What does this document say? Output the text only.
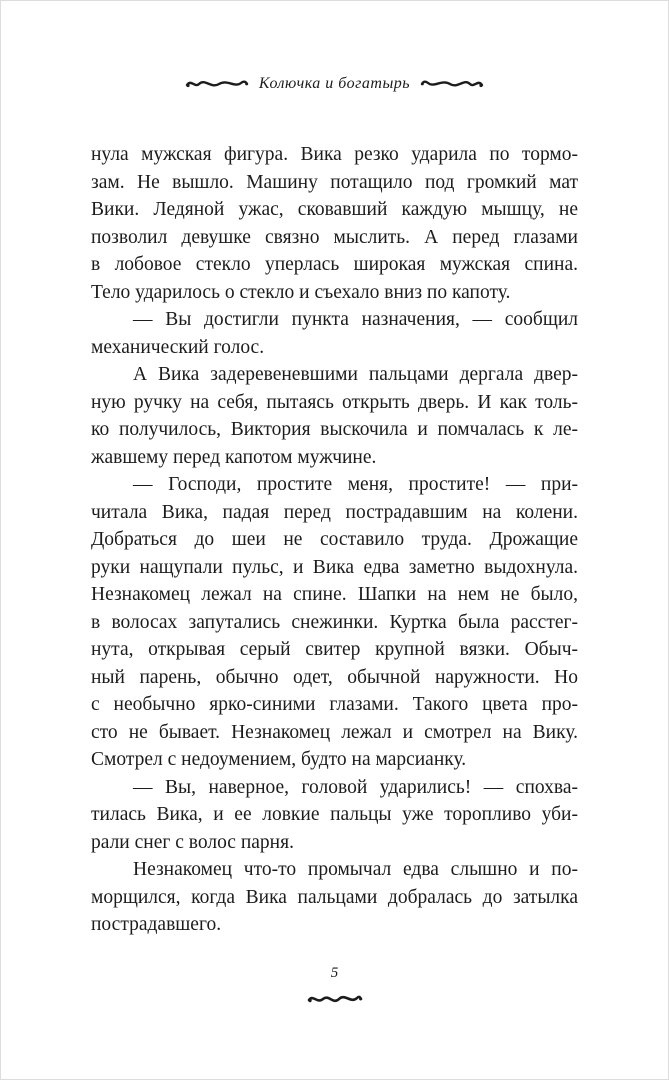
Колючка и богатырь
нула мужская фигура. Вика резко ударила по тормо-
зам. Не вышло. Машину потащило под громкий мат
Вики. Ледяной ужас, сковавший каждую мышцу, не
позволил девушке связно мыслить. А перед глазами
в лобовое стекло уперлась широкая мужская спина.
Тело ударилось о стекло и съехало вниз по капоту.
— Вы достигли пункта назначения, — сообщил
механический голос.
А Вика задеревеневшими пальцами дергала двер-
ную ручку на себя, пытаясь открыть дверь. И как толь-
ко получилось, Виктория выскочила и помчалась к ле-
жавшему перед капотом мужчине.
— Господи, простите меня, простите! — при-
читала Вика, падая перед пострадавшим на колени.
Добраться до шеи не составило труда. Дрожащие
руки нащупали пульс, и Вика едва заметно выдохнула.
Незнакомец лежал на спине. Шапки на нем не было,
в волосах запутались снежинки. Куртка была расстег-
нута, открывая серый свитер крупной вязки. Обыч-
ный парень, обычно одет, обычной наружности. Но
с необычно ярко-синими глазами. Такого цвета про-
сто не бывает. Незнакомец лежал и смотрел на Вику.
Смотрел с недоумением, будто на марсианку.
— Вы, наверное, головой ударились! — спохва-
тилась Вика, и ее ловкие пальцы уже торопливо уби-
рали снег с волос парня.
Незнакомец что-то промычал едва слышно и по-
морщился, когда Вика пальцами добралась до затылка
пострадавшего.
5
